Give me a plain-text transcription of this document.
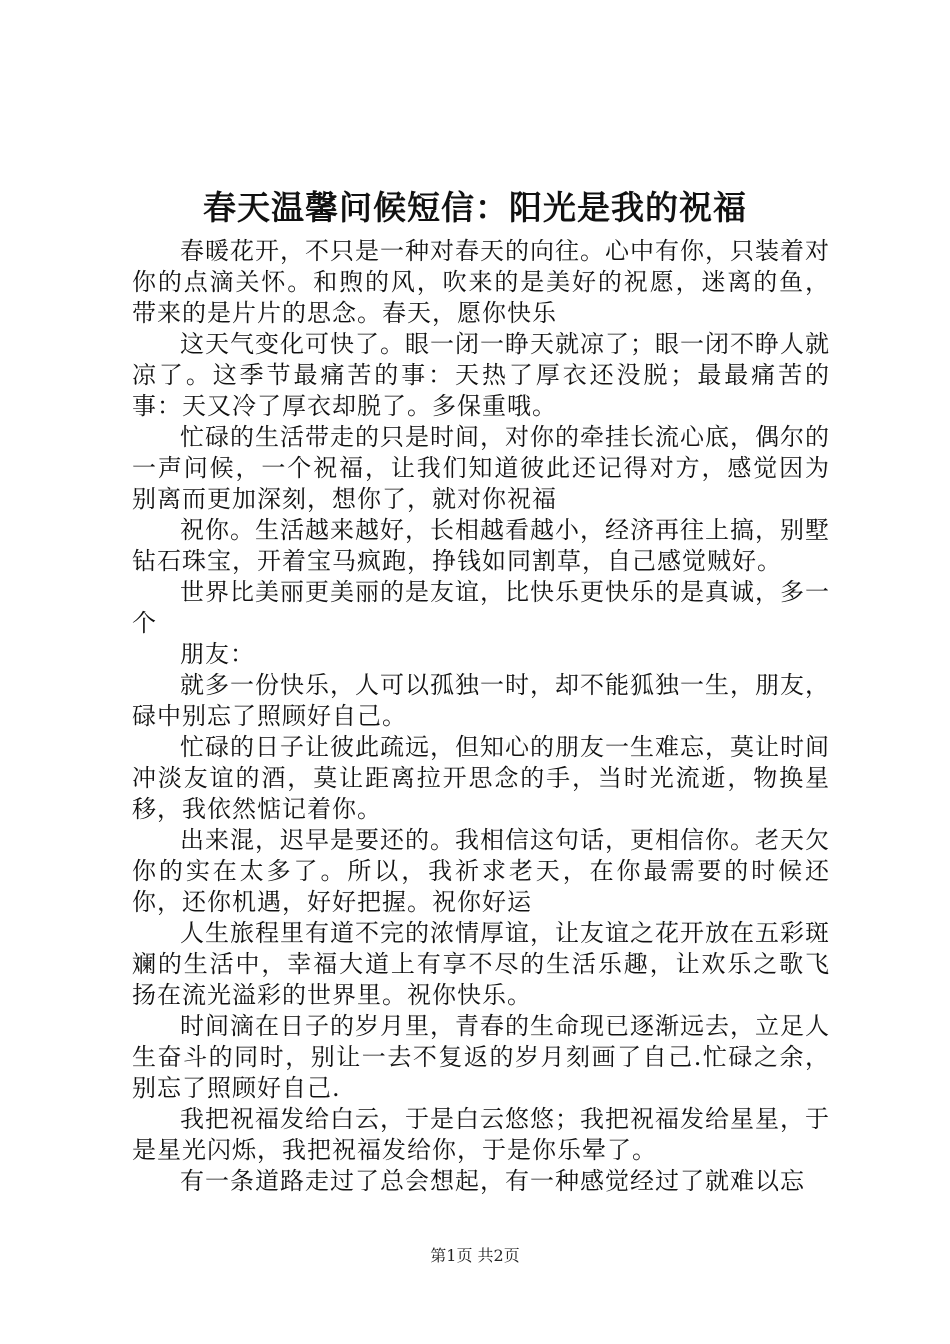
春天温馨问候短信：阳光是我的祝福

春暖花开，不只是一种对春天的向往。心中有你，只装着对你的点滴关怀。和煦的风，吹来的是美好的祝愿，迷离的鱼，带来的是片片的思念。春天，愿你快乐

这天气变化可快了。眼一闭一睁天就凉了；眼一闭不睁人就凉了。这季节最痛苦的事：天热了厚衣还没脱；最最痛苦的事：天又冷了厚衣却脱了。多保重哦。

忙碌的生活带走的只是时间，对你的牵挂长流心底，偶尔的一声问候，一个祝福，让我们知道彼此还记得对方，感觉因为别离而更加深刻，想你了，就对你祝福

祝你。生活越来越好，长相越看越小，经济再往上搞，别墅钻石珠宝，开着宝马疯跑，挣钱如同割草，自己感觉贼好。

世界比美丽更美丽的是友谊，比快乐更快乐的是真诚，多一个

朋友：

就多一份快乐，人可以孤独一时，却不能狐独一生，朋友，碌中别忘了照顾好自己。

忙碌的日子让彼此疏远，但知心的朋友一生难忘，莫让时间冲淡友谊的酒，莫让距离拉开思念的手，当时光流逝，物换星移，我依然惦记着你。

出来混，迟早是要还的。我相信这句话，更相信你。老天欠你的实在太多了。所以，我祈求老天，在你最需要的时候还你，还你机遇，好好把握。祝你好运

人生旅程里有道不完的浓情厚谊，让友谊之花开放在五彩斑斓的生活中，幸福大道上有享不尽的生活乐趣，让欢乐之歌飞扬在流光溢彩的世界里。祝你快乐。

时间滴在日子的岁月里，青春的生命现已逐渐远去，立足人生奋斗的同时，别让一去不复返的岁月刻画了自己.忙碌之余，别忘了照顾好自己.

我把祝福发给白云，于是白云悠悠；我把祝福发给星星，于是星光闪烁，我把祝福发给你，于是你乐晕了。

有一条道路走过了总会想起，有一种感觉经过了就难以忘

第1页 共2页
